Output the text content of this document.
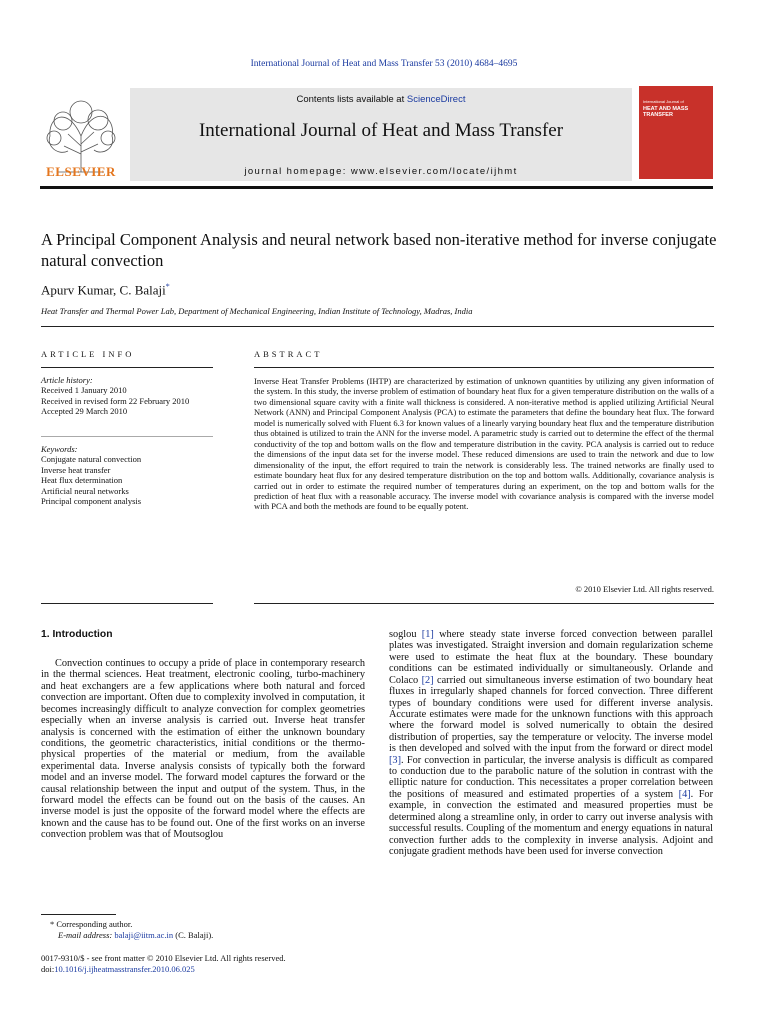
International Journal of Heat and Mass Transfer 53 (2010) 4684–4695
ELSEVIER
Contents lists available at ScienceDirect
International Journal of Heat and Mass Transfer
journal homepage: www.elsevier.com/locate/ijhmt
International Journal of
HEAT AND MASS TRANSFER
A Principal Component Analysis and neural network based non-iterative method for inverse conjugate natural convection
Apurv Kumar, C. Balaji*
Heat Transfer and Thermal Power Lab, Department of Mechanical Engineering, Indian Institute of Technology, Madras, India
ARTICLE INFO
Article history:
Received 1 January 2010
Received in revised form 22 February 2010
Accepted 29 March 2010
Keywords:
Conjugate natural convection
Inverse heat transfer
Heat flux determination
Artificial neural networks
Principal component analysis
ABSTRACT
Inverse Heat Transfer Problems (IHTP) are characterized by estimation of unknown quantities by utilizing any given information of the system. In this study, the inverse problem of estimation of boundary heat flux for a given temperature distribution on the walls of a two dimensional square cavity with a finite wall thickness is considered. A non-iterative method is applied utilizing Artificial Neural Network (ANN) and Principal Component Analysis (PCA) to estimate the parameters that define the boundary heat flux. The forward model is numerically solved with Fluent 6.3 for known values of a linearly varying boundary heat flux and the temperature distribution thus obtained is utilized to train the ANN for the inverse model. A parametric study is carried out to determine the effect of the thermal conductivity of the top and bottom walls on the flow and temperature distribution in the cavity. PCA analysis is carried out to reduce the dimensions of the input data set for the inverse model. These reduced dimensions are used to train the network and due to low dimensionality of the input, the effort required to train the network is considerably less. The trained networks are finally used to estimate boundary heat flux for any desired temperature distribution on the top and bottom walls. Additionally, covariance analysis is carried out in order to estimate the required number of temperatures during an experiment, on the top and bottom walls for the prediction of heat flux with a reasonable accuracy. The inverse model with covariance analysis is compared with the inverse model with PCA and both the methods are found to be equally potent.
© 2010 Elsevier Ltd. All rights reserved.
1. Introduction
Convection continues to occupy a pride of place in contemporary research in the thermal sciences. Heat treatment, electronic cooling, turbo-machinery and heat exchangers are a few applications where both natural and forced convection are important. Often due to complexity involved in computation, it becomes increasingly difficult to analyze convection for complex geometries especially when an inverse analysis is carried out. Inverse heat transfer analysis is concerned with the estimation of either the unknown boundary conditions, the geometric characteristics, initial conditions or the thermo-physical properties of the material or medium, from the available experimental data. Inverse analysis consists of typically both the forward model and an inverse model. The forward model captures the forward or the causal relationship between the input and output of the system. Thus, in the forward model the effects can be found out on the basis of the causes. An inverse model is just the opposite of the forward model where the effects are known and the cause has to be found out. One of the first works on an inverse convection problem was that of Moutsoglou
soglou [1] where steady state inverse forced convection between parallel plates was investigated. Straight inversion and domain regularization scheme were used to estimate the heat flux at the boundary. These boundary conditions can be estimated individually or simultaneously. Orlande and Colaco [2] carried out simultaneous inverse estimation of two boundary heat fluxes in irregularly shaped channels for forced convection. Three different types of boundary conditions were used for different inverse analysis. Accurate estimates were made for the unknown functions with this approach where the forward model is solved numerically to obtain the desired distribution of properties, say the temperature or velocity. The inverse model is then developed and solved with the input from the forward or direct model [3]. For convection in particular, the inverse analysis is difficult as compared to conduction due to the parabolic nature of the solution in contrast with the elliptic nature for conduction. This necessitates a proper correlation between the positions of measured and estimated properties of a system [4]. For example, in convection the estimated and measured properties must be determined along a streamline only, in order to carry out inverse analysis with successful results. Coupling of the momentum and energy equations in natural convection further adds to the complexity in inverse analysis. Adjoint and conjugate gradient methods have been used for inverse convection
* Corresponding author.
E-mail address: balaji@iitm.ac.in (C. Balaji).
0017-9310/$ - see front matter © 2010 Elsevier Ltd. All rights reserved.
doi:10.1016/j.ijheatmasstransfer.2010.06.025
